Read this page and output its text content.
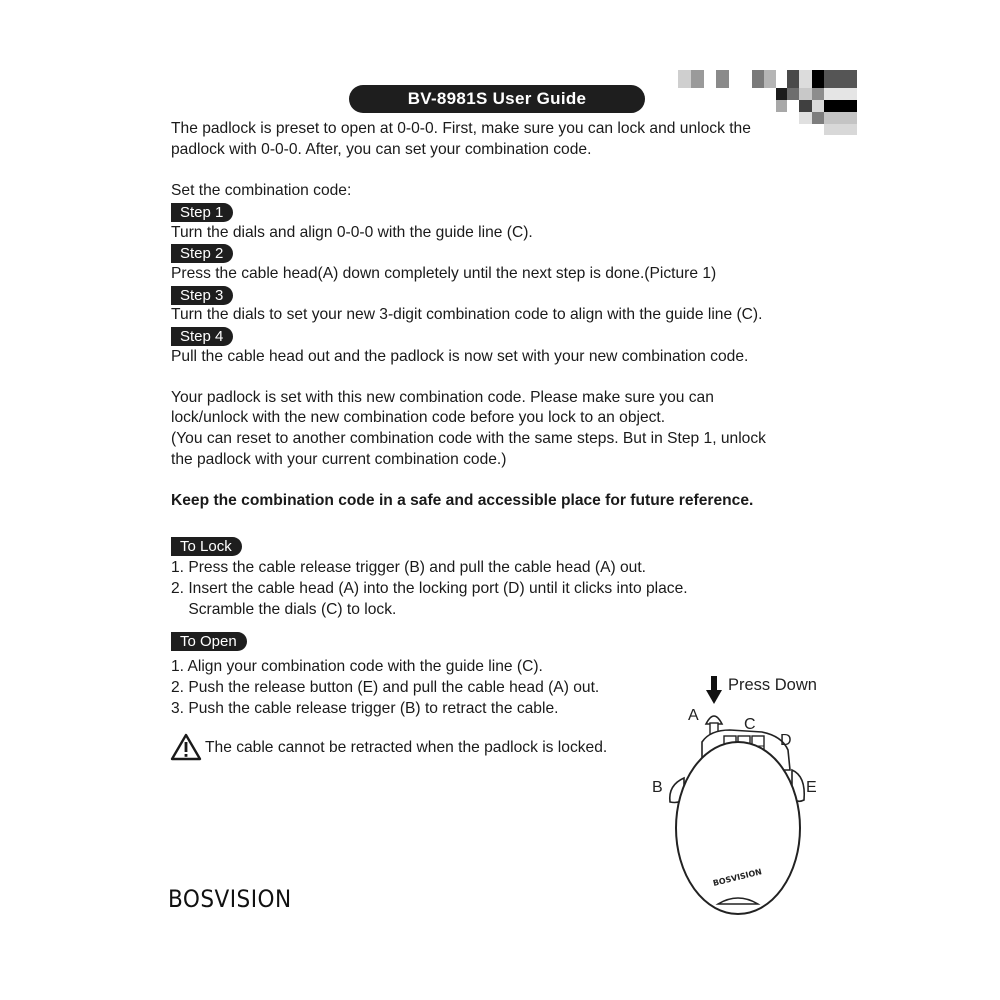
BV-8981S User Guide
The padlock is preset to open at 0-0-0. First, make sure you can lock and unlock the
padlock with 0-0-0. After, you can set your combination code.
Set the combination code:
Step 1
Turn the dials and align 0-0-0 with the guide line (C).
Step 2
Press the cable head(A) down completely until the next step is done.(Picture 1)
Step 3
Turn the dials to set your new 3-digit combination code to align with the guide line (C).
Step 4
Pull the cable head out and the padlock is now set with your new combination code.
Your padlock is set with this new combination code. Please make sure you can
lock/unlock with the new combination code before you lock to an object.
(You can reset to another combination code with the same steps. But in Step 1, unlock
the padlock with your current combination code.)
Keep the combination code in a safe and accessible place for future reference.
To Lock
1. Press the cable release trigger (B) and pull the cable head (A) out.
2. Insert the cable head (A) into the locking port (D) until it clicks into place.
Scramble the dials (C) to lock.
To Open
1. Align your combination code with the guide line (C).
2. Push the release button (E) and pull the cable head (A) out.
3. Push the cable release trigger (B) to retract the cable.
The cable cannot be retracted when the padlock is locked.
BOSVISION
Press Down
A
C
D
B	E
BOSVISION
